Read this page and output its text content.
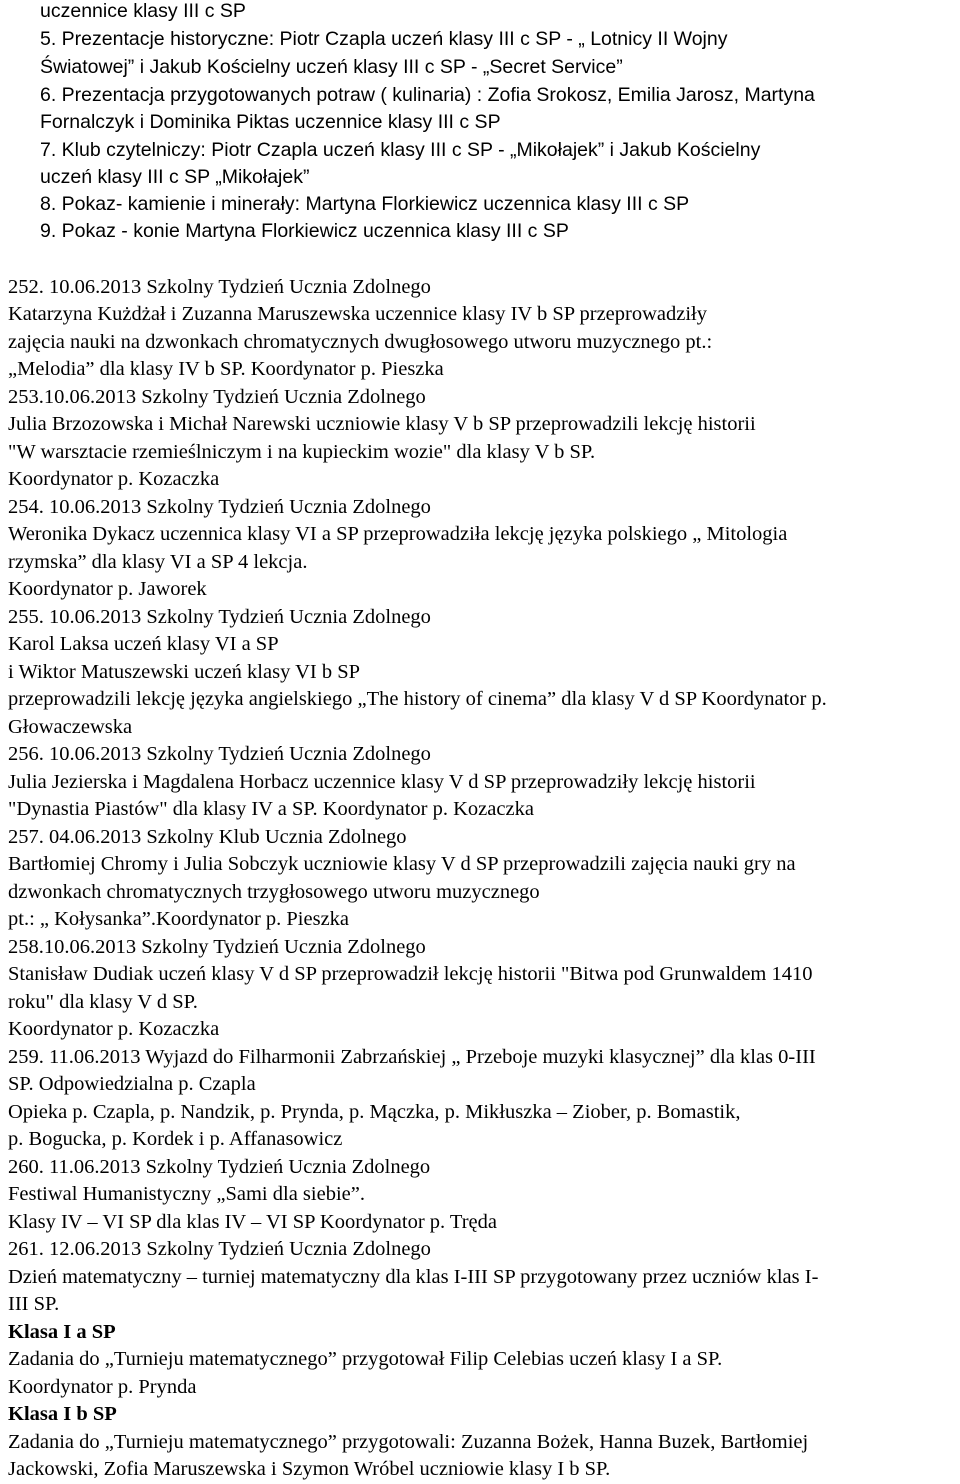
uczennice klasy III c SP
5. Prezentacje historyczne: Piotr Czapla uczeń klasy III c SP - „ Lotnicy II Wojny
Światowej” i Jakub Kościelny uczeń klasy III c SP - „Secret Service”
6. Prezentacja przygotowanych potraw ( kulinaria) : Zofia Srokosz, Emilia Jarosz, Martyna
Fornalczyk i Dominika Piktas uczennice klasy III c SP
7. Klub czytelniczy: Piotr Czapla uczeń klasy III c SP - „Mikołajek” i Jakub Kościelny
uczeń klasy III c SP „Mikołajek”
8. Pokaz- kamienie i minerały: Martyna Florkiewicz uczennica klasy III c SP
9. Pokaz - konie Martyna Florkiewicz uczennica klasy III c SP
252. 10.06.2013 Szkolny Tydzień Ucznia Zdolnego
Katarzyna Kużdżał i Zuzanna Maruszewska uczennice klasy IV b SP przeprowadziły
zajęcia nauki na dzwonkach chromatycznych dwugłosowego utworu muzycznego pt.:
„Melodia” dla klasy IV b SP. Koordynator p. Pieszka
253.10.06.2013 Szkolny Tydzień Ucznia Zdolnego
Julia Brzozowska i Michał Narewski uczniowie klasy V b SP przeprowadzili lekcję historii
"W warsztacie rzemieślniczym i na kupieckim wozie" dla klasy V b SP.
Koordynator p. Kozaczka
254. 10.06.2013 Szkolny Tydzień Ucznia Zdolnego
Weronika Dykacz uczennica klasy VI a SP przeprowadziła lekcję języka polskiego „ Mitologia
rzymska” dla klasy VI a SP 4 lekcja.
Koordynator p. Jaworek
255. 10.06.2013 Szkolny Tydzień Ucznia Zdolnego
Karol Laksa uczeń klasy VI a SP
i Wiktor Matuszewski uczeń klasy VI b SP
przeprowadzili lekcję języka angielskiego „The history of cinema” dla klasy V d SP Koordynator p.
Głowaczewska
256. 10.06.2013 Szkolny Tydzień Ucznia Zdolnego
Julia Jezierska i Magdalena Horbacz uczennice klasy V d SP przeprowadziły lekcję historii
"Dynastia Piastów" dla klasy IV a SP. Koordynator p. Kozaczka
257. 04.06.2013 Szkolny Klub Ucznia Zdolnego
Bartłomiej Chromy i Julia Sobczyk uczniowie klasy V d SP przeprowadzili zajęcia nauki gry na
dzwonkach chromatycznych trzygłosowego utworu muzycznego
pt.: „ Kołysanka”.Koordynator p. Pieszka
258.10.06.2013 Szkolny Tydzień Ucznia Zdolnego
Stanisław Dudiak uczeń klasy V d SP przeprowadził lekcję historii "Bitwa pod Grunwaldem 1410
roku" dla klasy V d SP.
Koordynator p. Kozaczka
259. 11.06.2013 Wyjazd do Filharmonii Zabrzańskiej „ Przeboje muzyki klasycznej” dla klas 0-III
SP. Odpowiedzialna p. Czapla
Opieka p. Czapla, p. Nandzik, p. Prynda, p. Mączka, p. Mikłuszka – Ziober, p. Bomastik,
p. Bogucka, p. Kordek i p. Affanasowicz
260. 11.06.2013 Szkolny Tydzień Ucznia Zdolnego
Festiwal Humanistyczny „Sami dla siebie”.
Klasy IV – VI SP dla klas IV – VI SP Koordynator p. Tręda
261. 12.06.2013 Szkolny Tydzień Ucznia Zdolnego
Dzień matematyczny – turniej matematyczny dla klas I-III SP przygotowany przez uczniów klas I-
III SP.
Klasa I a SP
Zadania do „Turnieju matematycznego” przygotował Filip Celebias uczeń klasy I a SP.
Koordynator p. Prynda
Klasa I b SP
Zadania do „Turnieju matematycznego” przygotowali: Zuzanna Bożek, Hanna Buzek, Bartłomiej
Jackowski, Zofia Maruszewska i Szymon Wróbel uczniowie klasy I b SP.
